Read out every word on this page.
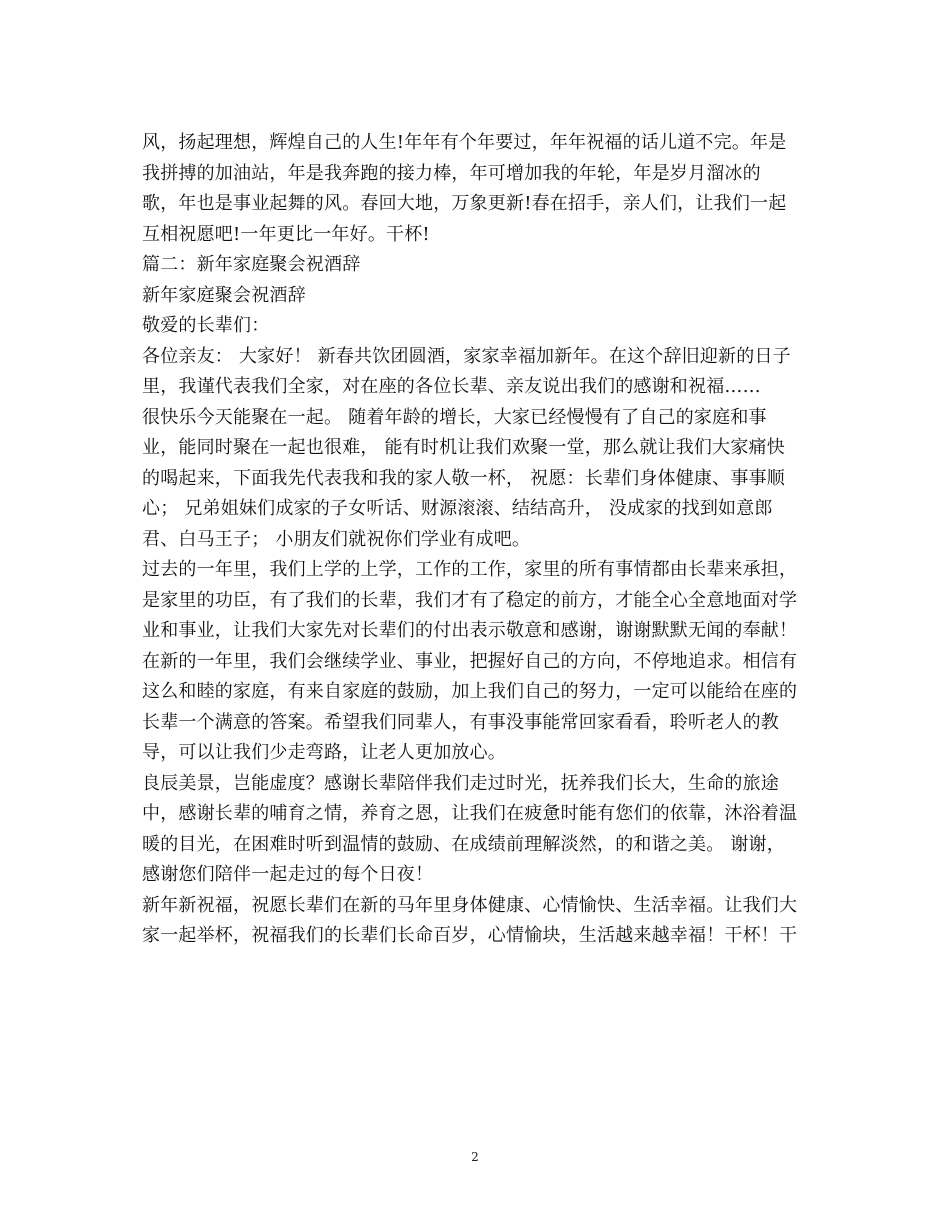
风，扬起理想，辉煌自己的人生!年年有个年要过，年年祝福的话儿道不完。年是
我拼搏的加油站，年是我奔跑的接力棒，年可增加我的年轮，年是岁月溜冰的
歌，年也是事业起舞的风。春回大地，万象更新!春在招手，亲人们，让我们一起
互相祝愿吧!一年更比一年好。干杯!
篇二：新年家庭聚会祝酒辞
新年家庭聚会祝酒辞
敬爱的长辈们：
各位亲友： 大家好！ 新春共饮团圆酒，家家幸福加新年。在这个辞旧迎新的日子
里，我谨代表我们全家，对在座的各位长辈、亲友说出我们的感谢和祝福……
很快乐今天能聚在一起。 随着年龄的增长，大家已经慢慢有了自己的家庭和事
业，能同时聚在一起也很难， 能有时机让我们欢聚一堂，那么就让我们大家痛快
的喝起来，下面我先代表我和我的家人敬一杯， 祝愿：长辈们身体健康、事事顺
心； 兄弟姐妹们成家的子女听话、财源滚滚、结结高升， 没成家的找到如意郎
君、白马王子； 小朋友们就祝你们学业有成吧。
过去的一年里，我们上学的上学，工作的工作，家里的所有事情都由长辈来承担，
是家里的功臣，有了我们的长辈，我们才有了稳定的前方，才能全心全意地面对学
业和事业，让我们大家先对长辈们的付出表示敬意和感谢，谢谢默默无闻的奉献！
在新的一年里，我们会继续学业、事业，把握好自己的方向，不停地追求。相信有
这么和睦的家庭，有来自家庭的鼓励，加上我们自己的努力，一定可以能给在座的
长辈一个满意的答案。希望我们同辈人，有事没事能常回家看看，聆听老人的教
导，可以让我们少走弯路，让老人更加放心。
良辰美景，岂能虚度？感谢长辈陪伴我们走过时光，抚养我们长大，生命的旅途
中，感谢长辈的哺育之情，养育之恩，让我们在疲惫时能有您们的依靠，沐浴着温
暖的目光，在困难时听到温情的鼓励、在成绩前理解淡然，的和谐之美。 谢谢，
感谢您们陪伴一起走过的每个日夜！
新年新祝福，祝愿长辈们在新的马年里身体健康、心情愉快、生活幸福。让我们大
家一起举杯，祝福我们的长辈们长命百岁，心情愉块，生活越来越幸福！干杯！干
2
